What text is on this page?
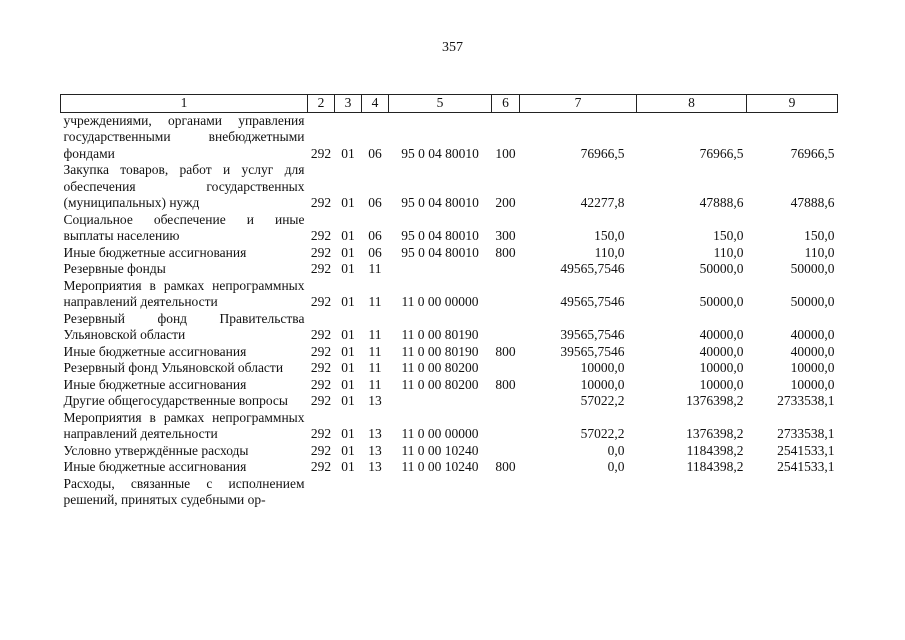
357
1	2	3	4	5	6	7	8	9
учреждениями, органами управления государственными внебюджетными фондами	292	01	06	95 0 04 80010	100	76966,5	76966,5	76966,5
Закупка товаров, работ и услуг для обеспечения государственных (муниципальных) нужд	292	01	06	95 0 04 80010	200	42277,8	47888,6	47888,6
Социальное обеспечение и иные выплаты населению	292	01	06	95 0 04 80010	300	150,0	150,0	150,0
Иные бюджетные ассигнования	292	01	06	95 0 04 80010	800	110,0	110,0	110,0
Резервные фонды	292	01	11			49565,7546	50000,0	50000,0
Мероприятия в рамках непрограммных направлений деятельности	292	01	11	11 0 00 00000		49565,7546	50000,0	50000,0
Резервный фонд Правительства Ульяновской области	292	01	11	11 0 00 80190		39565,7546	40000,0	40000,0
Иные бюджетные ассигнования	292	01	11	11 0 00 80190	800	39565,7546	40000,0	40000,0
Резервный фонд Ульяновской области	292	01	11	11 0 00 80200		10000,0	10000,0	10000,0
Иные бюджетные ассигнования	292	01	11	11 0 00 80200	800	10000,0	10000,0	10000,0
Другие общегосударственные вопросы	292	01	13			57022,2	1376398,2	2733538,1
Мероприятия в рамках непрограммных направлений деятельности	292	01	13	11 0 00 00000		57022,2	1376398,2	2733538,1
Условно утверждённые расходы	292	01	13	11 0 00 10240		0,0	1184398,2	2541533,1
Иные бюджетные ассигнования	292	01	13	11 0 00 10240	800	0,0	1184398,2	2541533,1
Расходы, связанные с исполнением решений, принятых судебными ор-								
